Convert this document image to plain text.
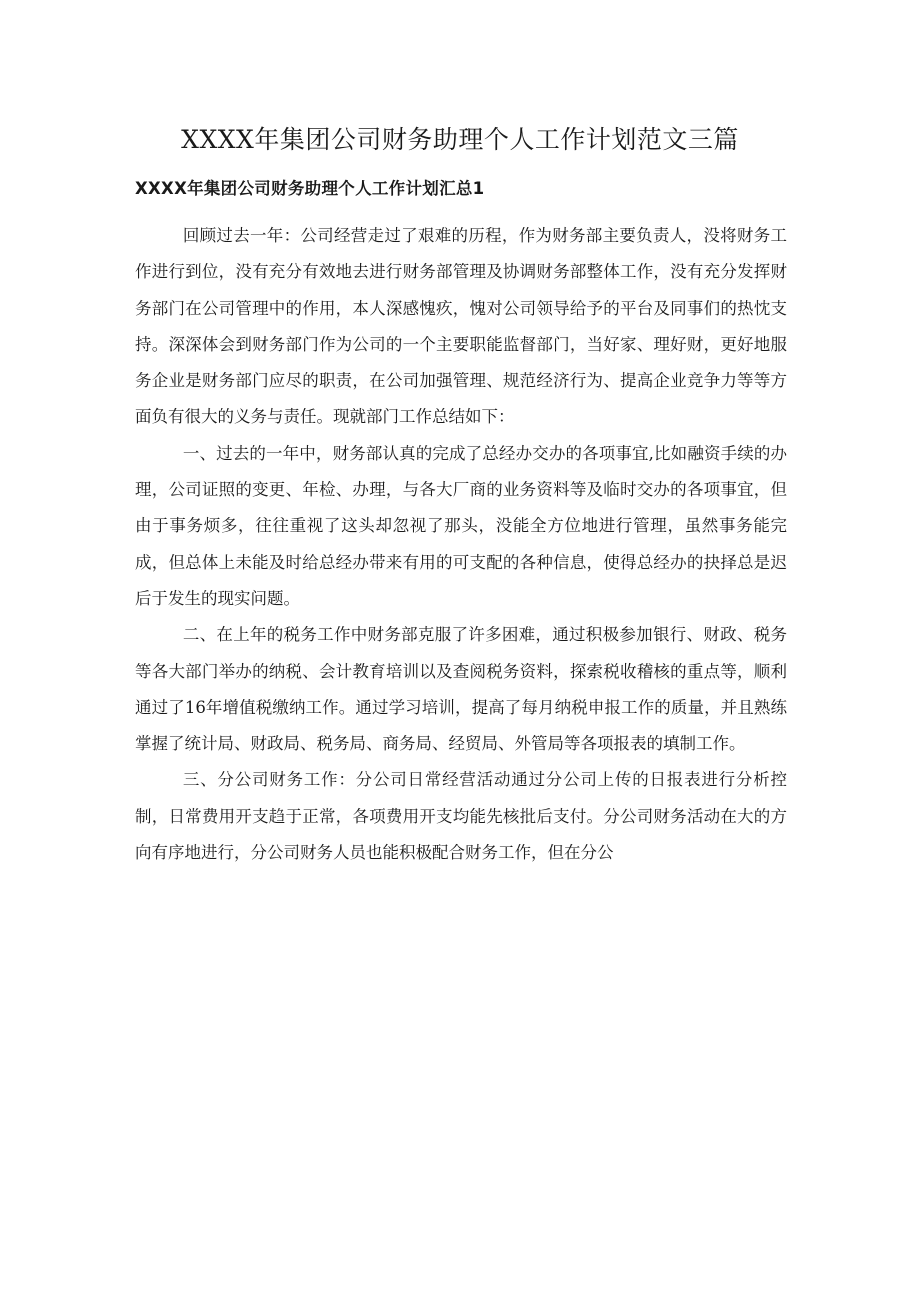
XXXX年集团公司财务助理个人工作计划范文三篇
XXXX年集团公司财务助理个人工作计划汇总1

回顾过去一年：公司经营走过了艰难的历程，作为财务部主要负责人，没将财务工作进行到位，没有充分有效地去进行财务部管理及协调财务部整体工作，没有充分发挥财务部门在公司管理中的作用，本人深感愧疚，愧对公司领导给予的平台及同事们的热忱支持。深深体会到财务部门作为公司的一个主要职能监督部门，当好家、理好财，更好地服务企业是财务部门应尽的职责，在公司加强管理、规范经济行为、提高企业竞争力等等方面负有很大的义务与责任。现就部门工作总结如下：

一、过去的一年中，财务部认真的完成了总经办交办的各项事宜,比如融资手续的办理，公司证照的变更、年检、办理，与各大厂商的业务资料等及临时交办的各项事宜，但由于事务烦多，往往重视了这头却忽视了那头，没能全方位地进行管理，虽然事务能完成，但总体上未能及时给总经办带来有用的可支配的各种信息，使得总经办的抉择总是迟后于发生的现实问题。

二、在上年的税务工作中财务部克服了许多困难，通过积极参加银行、财政、税务等各大部门举办的纳税、会计教育培训以及查阅税务资料，探索税收稽核的重点等，顺利通过了16年增值税缴纳工作。通过学习培训，提高了每月纳税申报工作的质量，并且熟练掌握了统计局、财政局、税务局、商务局、经贸局、外管局等各项报表的填制工作。

三、分公司财务工作：分公司日常经营活动通过分公司上传的日报表进行分析控制，日常费用开支趋于正常，各项费用开支均能先核批后支付。分公司财务活动在大的方向有序地进行，分公司财务人员也能积极配合财务工作，但在分公
